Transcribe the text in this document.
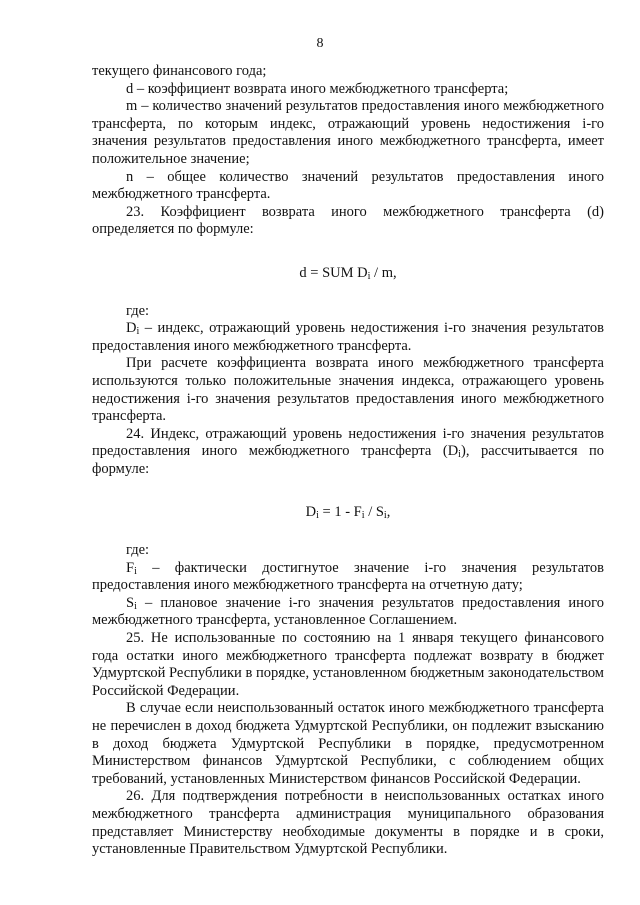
8

текущего финансового года;

d – коэффициент возврата иного межбюджетного трансферта;

m – количество значений результатов предоставления иного межбюджетного трансферта, по которым индекс, отражающий уровень недостижения i-го значения результатов предоставления иного межбюджетного трансферта, имеет положительное значение;

n – общее количество значений результатов предоставления иного межбюджетного трансферта.

23. Коэффициент возврата иного межбюджетного трансферта (d) определяется по формуле:

d = SUM $D_i$ / m,

где:

$D_i$ – индекс, отражающий уровень недостижения i-го значения результатов предоставления иного межбюджетного трансферта.

При расчете коэффициента возврата иного межбюджетного трансферта используются только положительные значения индекса, отражающего уровень недостижения i-го значения результатов предоставления иного межбюджетного трансферта.

24. Индекс, отражающий уровень недостижения i-го значения результатов предоставления иного межбюджетного трансферта $(D_i)$, рассчитывается по формуле:

$D_i = 1 - F_i / S_i$,

где:

$F_i$ – фактически достигнутое значение i-го значения результатов предоставления иного межбюджетного трансферта на отчетную дату;

$S_i$ – плановое значение i-го значения результатов предоставления иного межбюджетного трансферта, установленное Соглашением.

25. Не использованные по состоянию на 1 января текущего финансового года остатки иного межбюджетного трансферта подлежат возврату в бюджет Удмуртской Республики в порядке, установленном бюджетным законодательством Российской Федерации.

В случае если неиспользованный остаток иного межбюджетного трансферта не перечислен в доход бюджета Удмуртской Республики, он подлежит взысканию в доход бюджета Удмуртской Республики в порядке, предусмотренном Министерством финансов Удмуртской Республики, с соблюдением общих требований, установленных Министерством финансов Российской Федерации.

26. Для подтверждения потребности в неиспользованных остатках иного межбюджетного трансферта администрация муниципального образования представляет Министерству необходимые документы в порядке и в сроки, установленные Правительством Удмуртской Республики.
